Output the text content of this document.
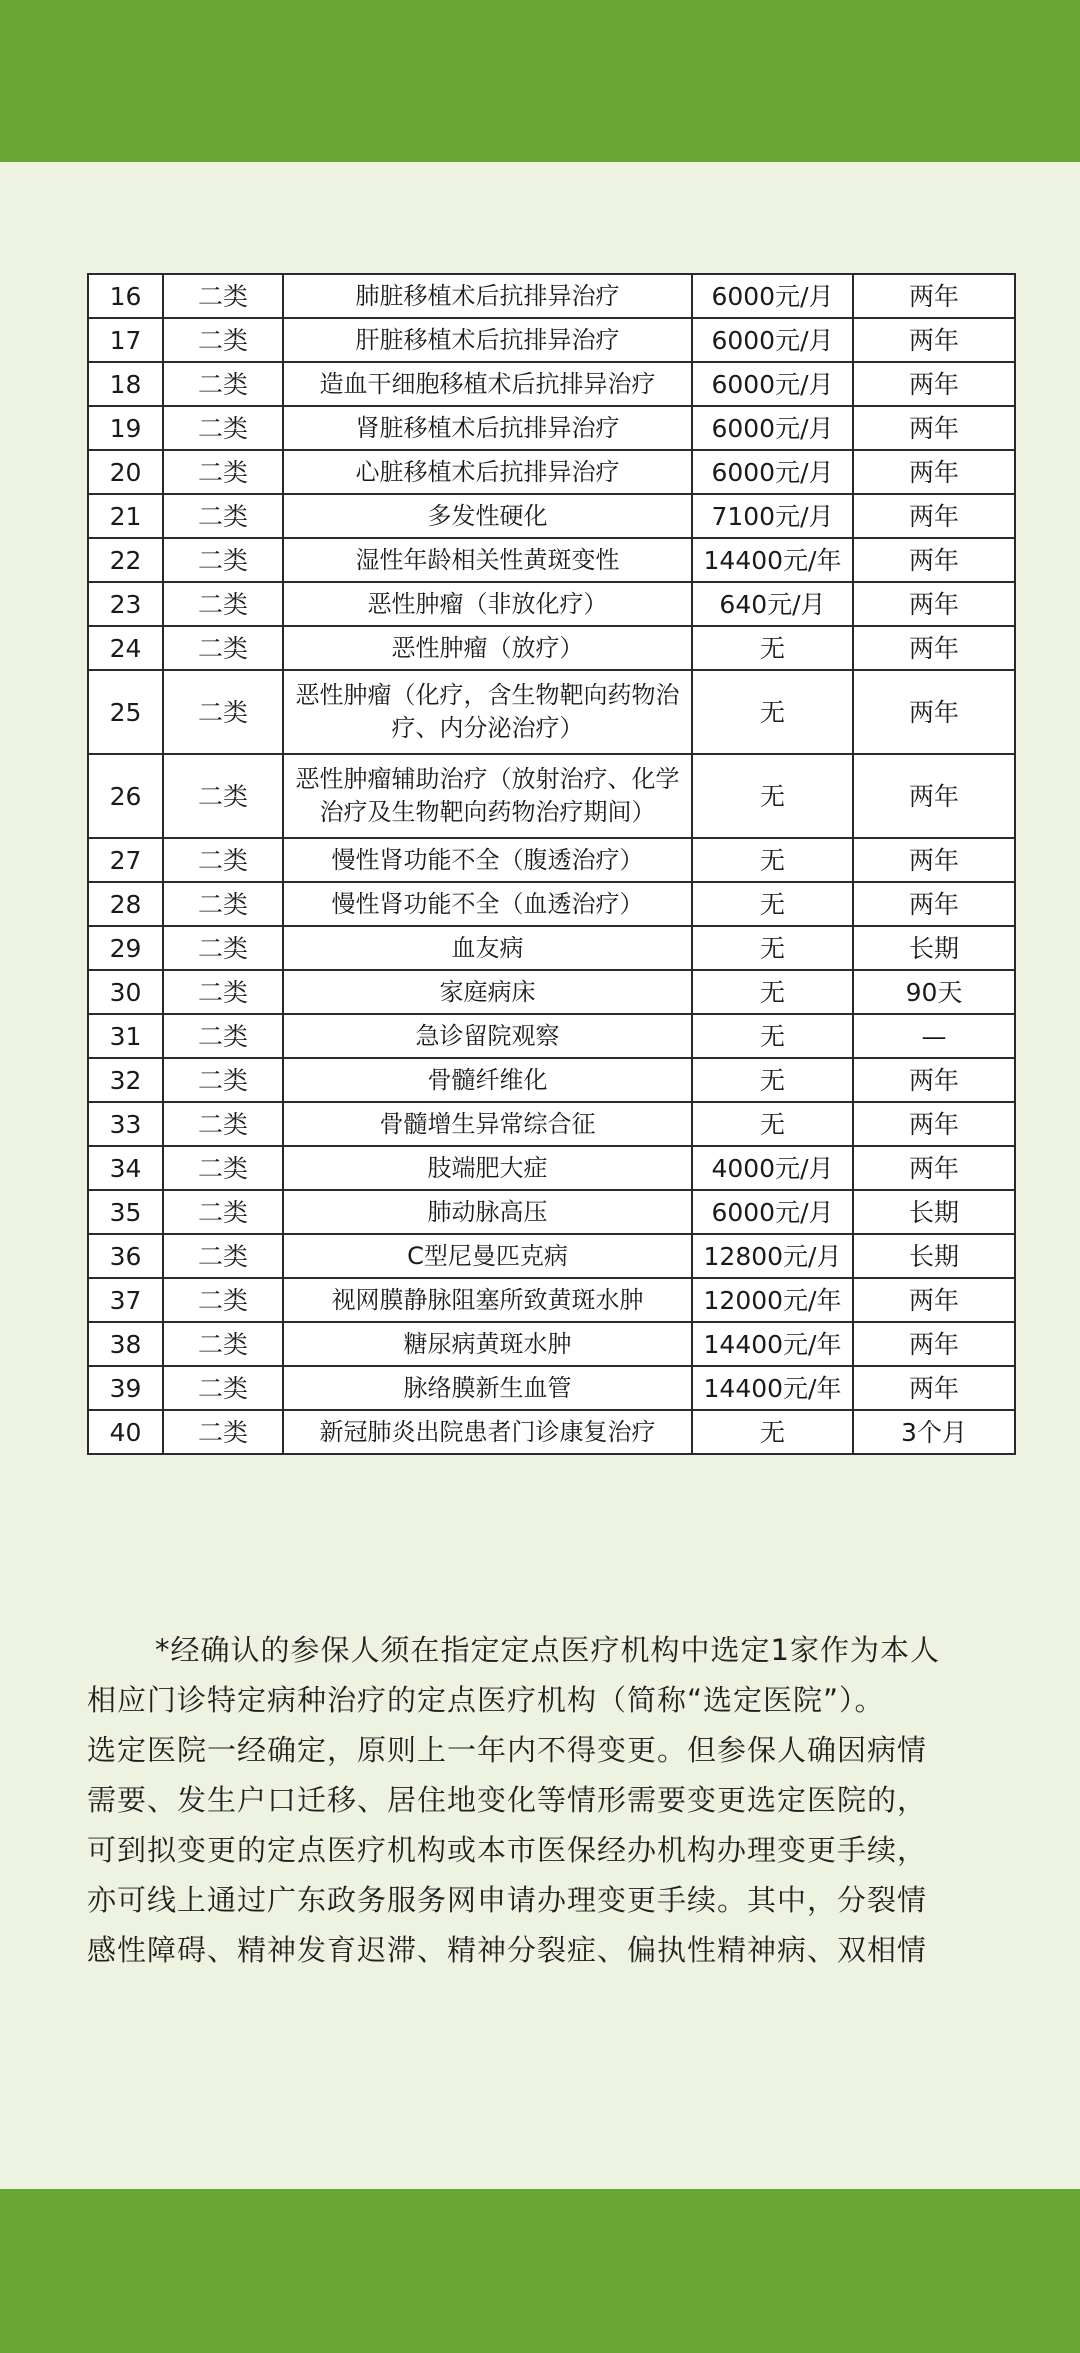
16	二类	肺脏移植术后抗排异治疗	6000元/月	两年
17	二类	肝脏移植术后抗排异治疗	6000元/月	两年
18	二类	造血干细胞移植术后抗排异治疗	6000元/月	两年
19	二类	肾脏移植术后抗排异治疗	6000元/月	两年
20	二类	心脏移植术后抗排异治疗	6000元/月	两年
21	二类	多发性硬化	7100元/月	两年
22	二类	湿性年龄相关性黄斑变性	14400元/年	两年
23	二类	恶性肿瘤（非放化疗）	640元/月	两年
24	二类	恶性肿瘤（放疗）	无	两年
25	二类	恶性肿瘤（化疗，含生物靶向药物治疗、内分泌治疗）	无	两年
26	二类	恶性肿瘤辅助治疗（放射治疗、化学治疗及生物靶向药物治疗期间）	无	两年
27	二类	慢性肾功能不全（腹透治疗）	无	两年
28	二类	慢性肾功能不全（血透治疗）	无	两年
29	二类	血友病	无	长期
30	二类	家庭病床	无	90天
31	二类	急诊留院观察	无	—
32	二类	骨髓纤维化	无	两年
33	二类	骨髓增生异常综合征	无	两年
34	二类	肢端肥大症	4000元/月	两年
35	二类	肺动脉高压	6000元/月	长期
36	二类	C型尼曼匹克病	12800元/月	长期
37	二类	视网膜静脉阻塞所致黄斑水肿	12000元/年	两年
38	二类	糖尿病黄斑水肿	14400元/年	两年
39	二类	脉络膜新生血管	14400元/年	两年
40	二类	新冠肺炎出院患者门诊康复治疗	无	3个月
*经确认的参保人须在指定定点医疗机构中选定1家作为本人
相应门诊特定病种治疗的定点医疗机构（简称“选定医院”）。
选定医院一经确定，原则上一年内不得变更。但参保人确因病情
需要、发生户口迁移、居住地变化等情形需要变更选定医院的，
可到拟变更的定点医疗机构或本市医保经办机构办理变更手续，
亦可线上通过广东政务服务网申请办理变更手续。其中，分裂情
感性障碍、精神发育迟滞、精神分裂症、偏执性精神病、双相情
